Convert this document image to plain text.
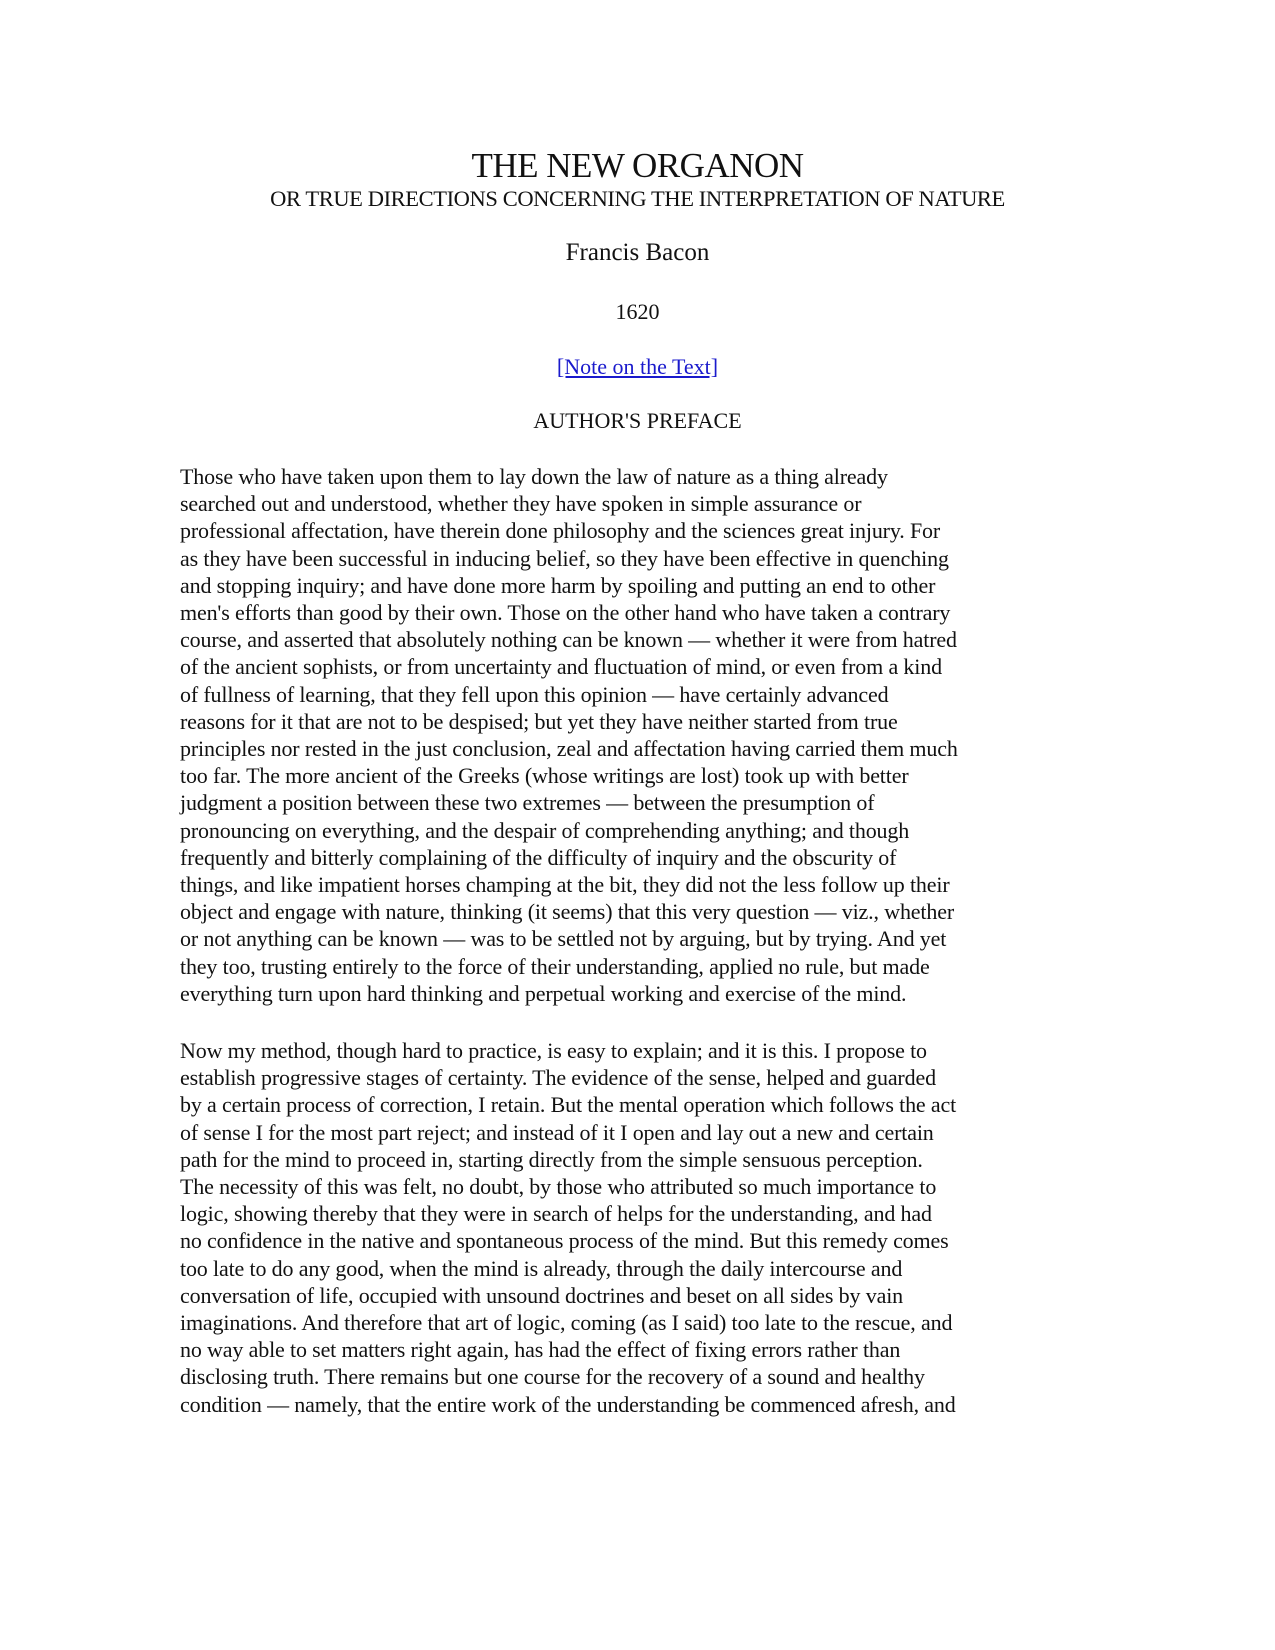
THE NEW ORGANON
OR TRUE DIRECTIONS CONCERNING THE INTERPRETATION OF NATURE
Francis Bacon
1620
[Note on the Text]
AUTHOR'S PREFACE
Those who have taken upon them to lay down the law of nature as a thing already
searched out and understood, whether they have spoken in simple assurance or
professional affectation, have therein done philosophy and the sciences great injury. For
as they have been successful in inducing belief, so they have been effective in quenching
and stopping inquiry; and have done more harm by spoiling and putting an end to other
men's efforts than good by their own. Those on the other hand who have taken a contrary
course, and asserted that absolutely nothing can be known — whether it were from hatred
of the ancient sophists, or from uncertainty and fluctuation of mind, or even from a kind
of fullness of learning, that they fell upon this opinion — have certainly advanced
reasons for it that are not to be despised; but yet they have neither started from true
principles nor rested in the just conclusion, zeal and affectation having carried them much
too far. The more ancient of the Greeks (whose writings are lost) took up with better
judgment a position between these two extremes — between the presumption of
pronouncing on everything, and the despair of comprehending anything; and though
frequently and bitterly complaining of the difficulty of inquiry and the obscurity of
things, and like impatient horses champing at the bit, they did not the less follow up their
object and engage with nature, thinking (it seems) that this very question — viz., whether
or not anything can be known — was to be settled not by arguing, but by trying. And yet
they too, trusting entirely to the force of their understanding, applied no rule, but made
everything turn upon hard thinking and perpetual working and exercise of the mind.
Now my method, though hard to practice, is easy to explain; and it is this. I propose to
establish progressive stages of certainty. The evidence of the sense, helped and guarded
by a certain process of correction, I retain. But the mental operation which follows the act
of sense I for the most part reject; and instead of it I open and lay out a new and certain
path for the mind to proceed in, starting directly from the simple sensuous perception.
The necessity of this was felt, no doubt, by those who attributed so much importance to
logic, showing thereby that they were in search of helps for the understanding, and had
no confidence in the native and spontaneous process of the mind. But this remedy comes
too late to do any good, when the mind is already, through the daily intercourse and
conversation of life, occupied with unsound doctrines and beset on all sides by vain
imaginations. And therefore that art of logic, coming (as I said) too late to the rescue, and
no way able to set matters right again, has had the effect of fixing errors rather than
disclosing truth. There remains but one course for the recovery of a sound and healthy
condition — namely, that the entire work of the understanding be commenced afresh, and
